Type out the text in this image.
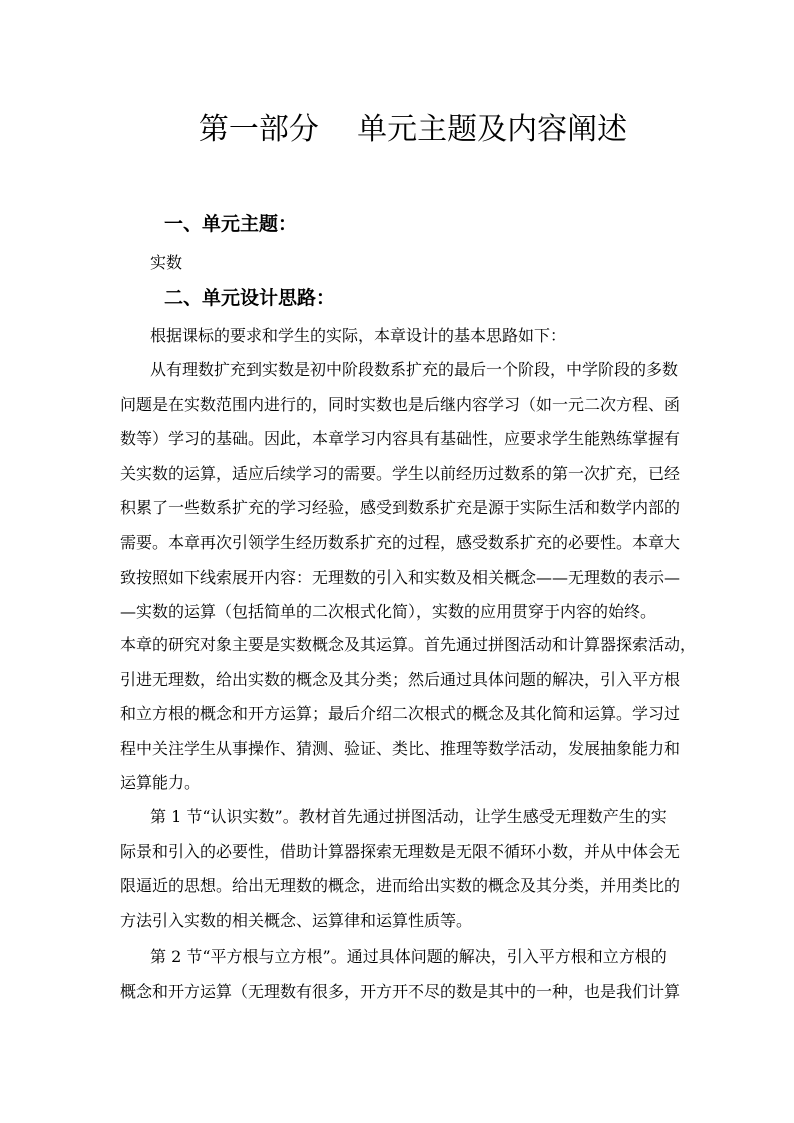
第一部分    单元主题及内容阐述
一、单元主题：
实数
二、单元设计思路：
根据课标的要求和学生的实际，本章设计的基本思路如下：
从有理数扩充到实数是初中阶段数系扩充的最后一个阶段，中学阶段的多数
问题是在实数范围内进行的，同时实数也是后继内容学习（如一元二次方程、函
数等）学习的基础。因此，本章学习内容具有基础性，应要求学生能熟练掌握有
关实数的运算，适应后续学习的需要。学生以前经历过数系的第一次扩充，已经
积累了一些数系扩充的学习经验，感受到数系扩充是源于实际生活和数学内部的
需要。本章再次引领学生经历数系扩充的过程，感受数系扩充的必要性。本章大
致按照如下线索展开内容：无理数的引入和实数及相关概念——无理数的表示—
—实数的运算（包括简单的二次根式化简），实数的应用贯穿于内容的始终。
本章的研究对象主要是实数概念及其运算。首先通过拼图活动和计算器探索活动，
引进无理数，给出实数的概念及其分类；然后通过具体问题的解决，引入平方根
和立方根的概念和开方运算；最后介绍二次根式的概念及其化简和运算。学习过
程中关注学生从事操作、猜测、验证、类比、推理等数学活动，发展抽象能力和
运算能力。
第 1 节“认识实数”。教材首先通过拼图活动，让学生感受无理数产生的实
际景和引入的必要性，借助计算器探索无理数是无限不循环小数，并从中体会无
限逼近的思想。给出无理数的概念，进而给出实数的概念及其分类，并用类比的
方法引入实数的相关概念、运算律和运算性质等。
第 2 节“平方根与立方根”。通过具体问题的解决，引入平方根和立方根的
概念和开方运算（无理数有很多，开方开不尽的数是其中的一种，也是我们计算
